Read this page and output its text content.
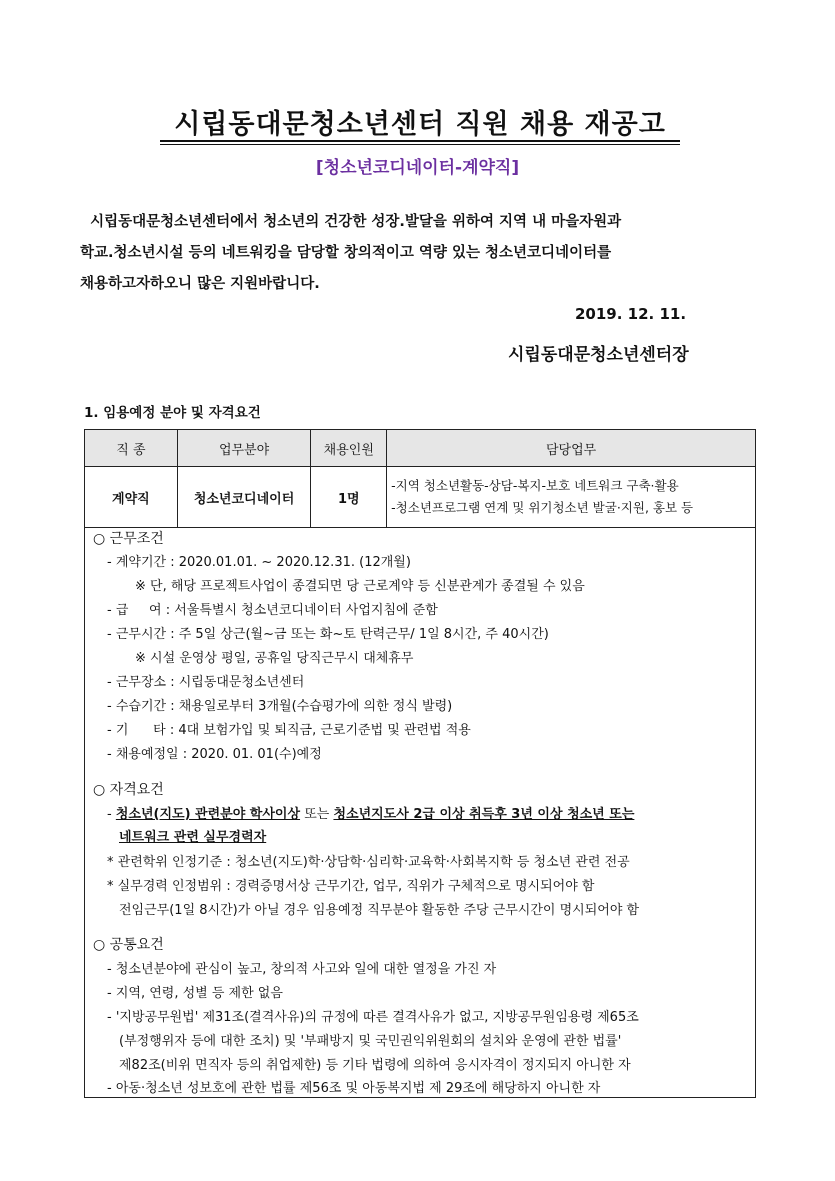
시립동대문청소년센터 직원 채용 재공고
[청소년코디네이터-계약직]

시립동대문청소년센터에서 청소년의 건강한 성장.발달을 위하여 지역 내 마을자원과

학교.청소년시설 등의 네트워킹을 담당할 창의적이고 역량 있는 청소년코디네이터를

채용하고자하오니 많은 지원바랍니다.

2019. 12. 11.
시립동대문청소년센터장
1. 임용예정 분야 및 자격요건
직 종	업무분야	채용인원	담당업무
계약직	청소년코디네이터	1명	-지역 청소년활동-상담-복지-보호 네트워크 구축·활용
-청소년프로그램 연계 및 위기청소년 발굴·지원, 홍보 등
○ 근무조건
- 계약기간 : 2020.01.01. ~ 2020.12.31. (12개월)
※ 단, 해당 프로젝트사업이 종결되면 당 근로계약 등 신분관계가 종결될 수 있음
- 급     여 : 서울특별시 청소년코디네이터 사업지침에 준함
- 근무시간 : 주 5일 상근(월~금 또는 화~토 탄력근무/ 1일 8시간, 주 40시간)
※ 시설 운영상 평일, 공휴일 당직근무시 대체휴무
- 근무장소 : 시립동대문청소년센터
- 수습기간 : 채용일로부터 3개월(수습평가에 의한 정식 발령)
- 기      타 : 4대 보험가입 및 퇴직금, 근로기준법 및 관련법 적용
- 채용예정일 : 2020. 01. 01(수)예정
○ 자격요건
- 청소년(지도) 관련분야 학사이상 또는 청소년지도사 2급 이상 취득후 3년 이상 청소년 또는
네트워크 관련 실무경력자
* 관련학위 인정기준 : 청소년(지도)학·상담학·심리학·교육학·사회복지학 등 청소년 관련 전공
* 실무경력 인정범위 : 경력증명서상 근무기간, 업무, 직위가 구체적으로 명시되어야 함
전임근무(1일 8시간)가 아닐 경우 임용예정 직무분야 활동한 주당 근무시간이 명시되어야 함
○ 공통요건
- 청소년분야에 관심이 높고, 창의적 사고와 일에 대한 열정을 가진 자
- 지역, 연령, 성별 등 제한 없음
- '지방공무원법' 제31조(결격사유)의 규정에 따른 결격사유가 없고, 지방공무원임용령 제65조
(부정행위자 등에 대한 조치) 및 '부패방지 및 국민권익위원회의 설치와 운영에 관한 법률'
제82조(비위 면직자 등의 취업제한) 등 기타 법령에 의하여 응시자격이 정지되지 아니한 자
- 아동·청소년 성보호에 관한 법률 제56조 및 아동복지법 제 29조에 해당하지 아니한 자
